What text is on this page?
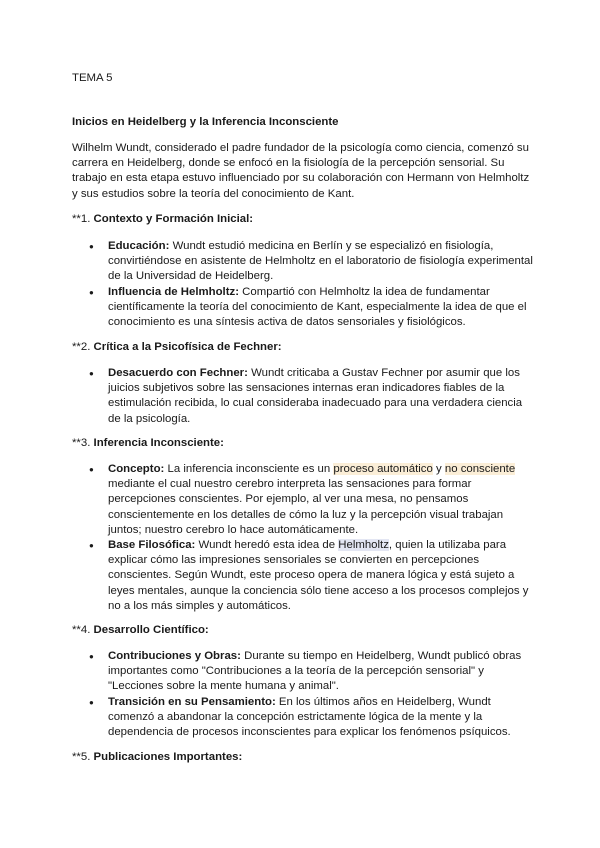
TEMA 5
Inicios en Heidelberg y la Inferencia Inconsciente
Wilhelm Wundt, considerado el padre fundador de la psicología como ciencia, comenzó su carrera en Heidelberg, donde se enfocó en la fisiología de la percepción sensorial. Su trabajo en esta etapa estuvo influenciado por su colaboración con Hermann von Helmholtz y sus estudios sobre la teoría del conocimiento de Kant.
**1. Contexto y Formación Inicial:
● Educación: Wundt estudió medicina en Berlín y se especializó en fisiología, convirtiéndose en asistente de Helmholtz en el laboratorio de fisiología experimental de la Universidad de Heidelberg.
● Influencia de Helmholtz: Compartió con Helmholtz la idea de fundamentar científicamente la teoría del conocimiento de Kant, especialmente la idea de que el conocimiento es una síntesis activa de datos sensoriales y fisiológicos.
**2. Crítica a la Psicofísica de Fechner:
● Desacuerdo con Fechner: Wundt criticaba a Gustav Fechner por asumir que los juicios subjetivos sobre las sensaciones internas eran indicadores fiables de la estimulación recibida, lo cual consideraba inadecuado para una verdadera ciencia de la psicología.
**3. Inferencia Inconsciente:
● Concepto: La inferencia inconsciente es un proceso automático y no consciente mediante el cual nuestro cerebro interpreta las sensaciones para formar percepciones conscientes. Por ejemplo, al ver una mesa, no pensamos conscientemente en los detalles de cómo la luz y la percepción visual trabajan juntos; nuestro cerebro lo hace automáticamente.
● Base Filosófica: Wundt heredó esta idea de Helmholtz, quien la utilizaba para explicar cómo las impresiones sensoriales se convierten en percepciones conscientes. Según Wundt, este proceso opera de manera lógica y está sujeto a leyes mentales, aunque la conciencia sólo tiene acceso a los procesos complejos y no a los más simples y automáticos.
**4. Desarrollo Científico:
● Contribuciones y Obras: Durante su tiempo en Heidelberg, Wundt publicó obras importantes como "Contribuciones a la teoría de la percepción sensorial" y "Lecciones sobre la mente humana y animal".
● Transición en su Pensamiento: En los últimos años en Heidelberg, Wundt comenzó a abandonar la concepción estrictamente lógica de la mente y la dependencia de procesos inconscientes para explicar los fenómenos psíquicos.
**5. Publicaciones Importantes:
